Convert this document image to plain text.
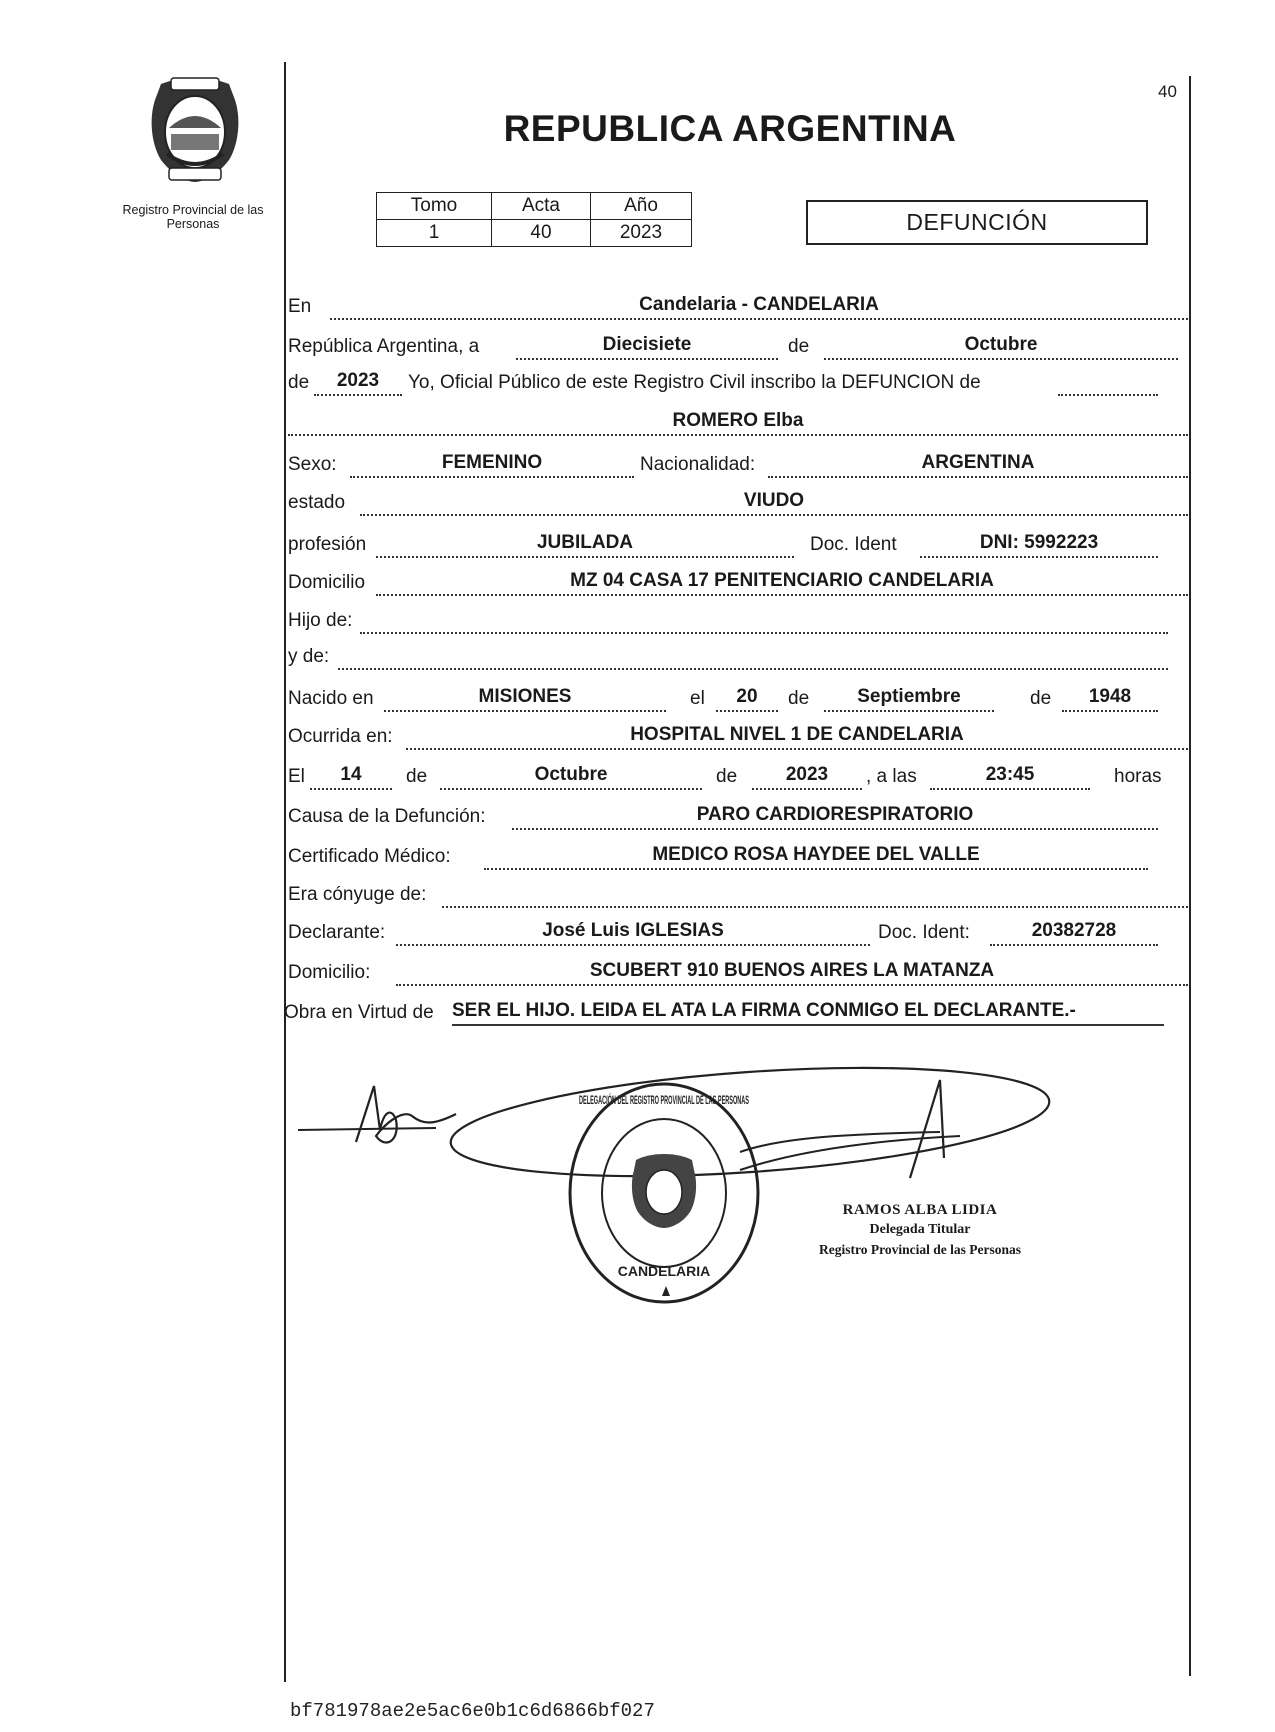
Registro Provincial de las Personas
40
REPUBLICA ARGENTINA
Tomo	Acta	Año
1	40	2023	DEFUNCIÓN
En	Candelaria - CANDELARIA
República Argentina, a	Diecisiete	de	Octubre
de	2023	Yo, Oficial Público de este Registro Civil inscribo la DEFUNCION de
ROMERO Elba
Sexo:	FEMENINO	Nacionalidad:	ARGENTINA
estado	VIUDO
profesión	JUBILADA	Doc. Ident	DNI: 5992223
Domicilio	MZ 04 CASA 17 PENITENCIARIO CANDELARIA
Hijo de:
y de:
Nacido en	MISIONES	el	20	de	Septiembre	de	1948
Ocurrida en:	HOSPITAL NIVEL 1 DE CANDELARIA
El	14	de	Octubre	de	2023	, a las	23:45	horas
Causa de la Defunción:	PARO CARDIORESPIRATORIO
Certificado Médico:	MEDICO ROSA HAYDEE DEL VALLE
Era cónyuge de:
Declarante:	José Luis IGLESIAS	Doc. Ident:	20382728
Domicilio:	SCUBERT 910 BUENOS AIRES LA MATANZA
Obra en Virtud de SER EL HIJO. LEIDA EL ATA LA FIRMA CONMIGO EL DECLARANTE.-
DELEGACIÓN DEL REGISTRO PROVINCIAL DE LAS PERSONAS
CANDELARIA
RAMOS ALBA LIDIA
Delegada Titular
Registro Provincial de las Personas
bf781978ae2e5ac6e0b1c6d6866bf027
